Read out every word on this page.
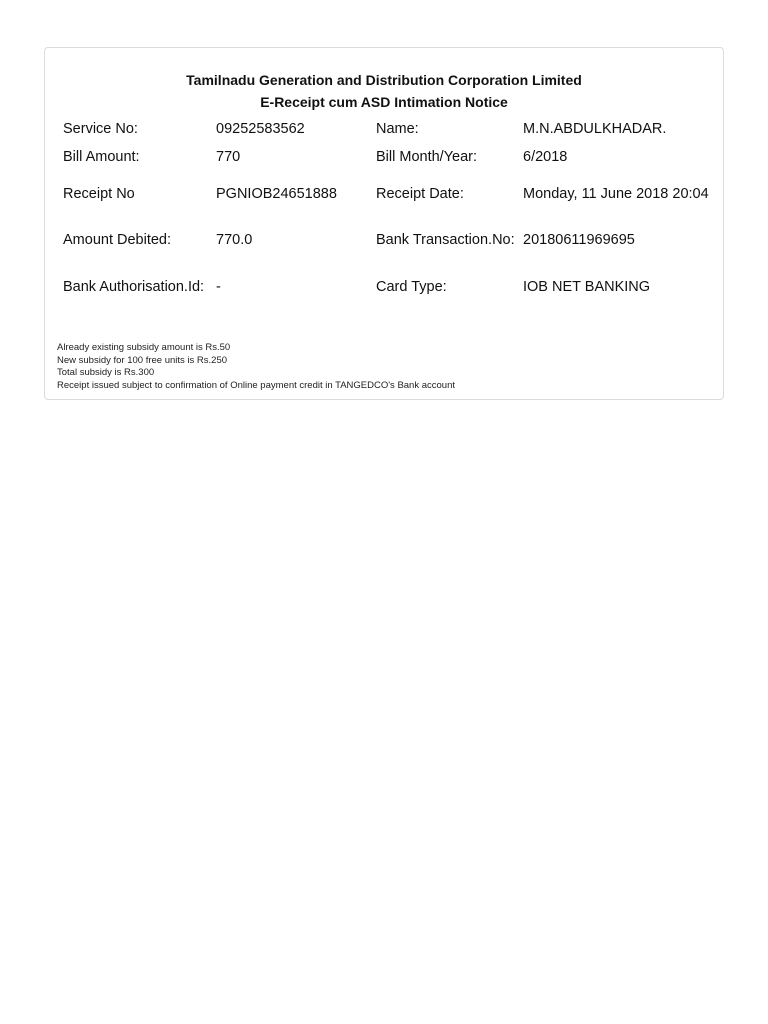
Tamilnadu Generation and Distribution Corporation Limited
E-Receipt cum ASD Intimation Notice
Service No:	09252583562	Name:	M.N.ABDULKHADAR.
Bill Amount:	770	Bill Month/Year:	6/2018
Receipt No	PGNIOB24651888	Receipt Date:	Monday, 11 June 2018 20:04
Amount Debited:	770.0	Bank Transaction.No: 20180611969695
Bank Authorisation.Id: -	Card Type:	IOB NET BANKING
Already existing subsidy amount is Rs.50
New subsidy for 100 free units is Rs.250
Total subsidy is Rs.300
Receipt issued subject to confirmation of Online payment credit in TANGEDCO's Bank account
